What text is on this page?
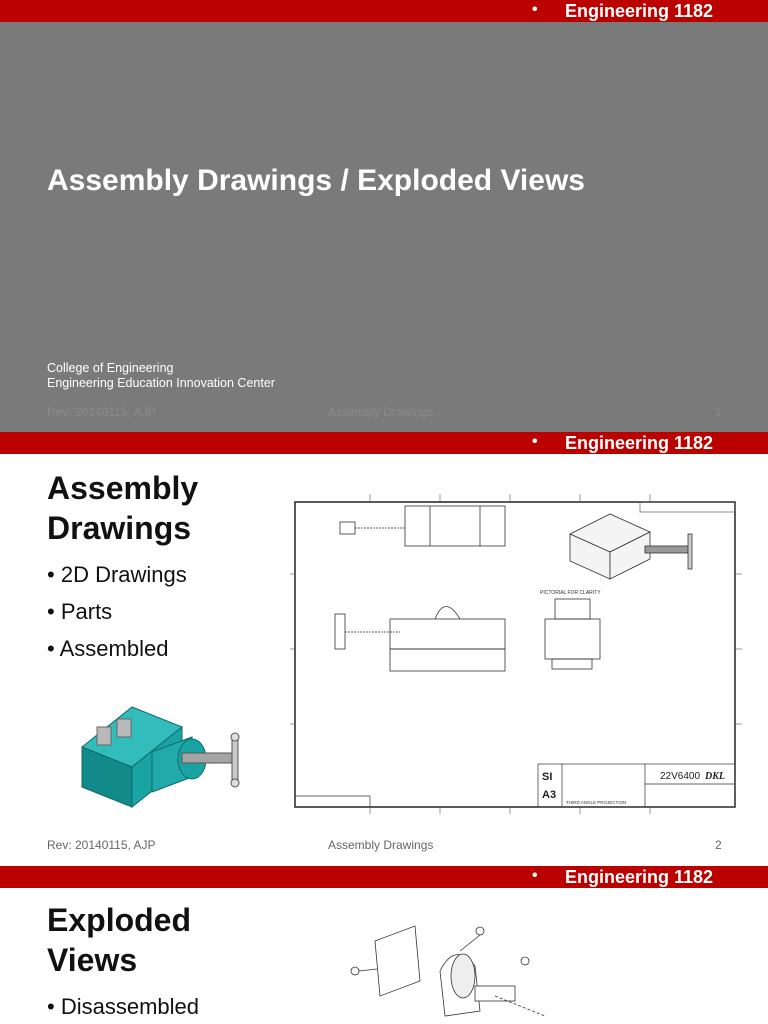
• Engineering 1182
Assembly Drawings / Exploded Views
College of Engineering
Engineering Education Innovation Center
Rev: 20140115, AJP	Assembly Drawings	1
• Engineering 1182
Assembly
Drawings
• 2D Drawings
• Parts
• Assembled
PICTORIAL FOR CLARITY
SI
A3
22V6400 DKL
THIRD ANGLE PROJECTION
Rev: 20140115, AJP	Assembly Drawings	2
• Engineering 1182
Exploded
Views
• Disassembled
